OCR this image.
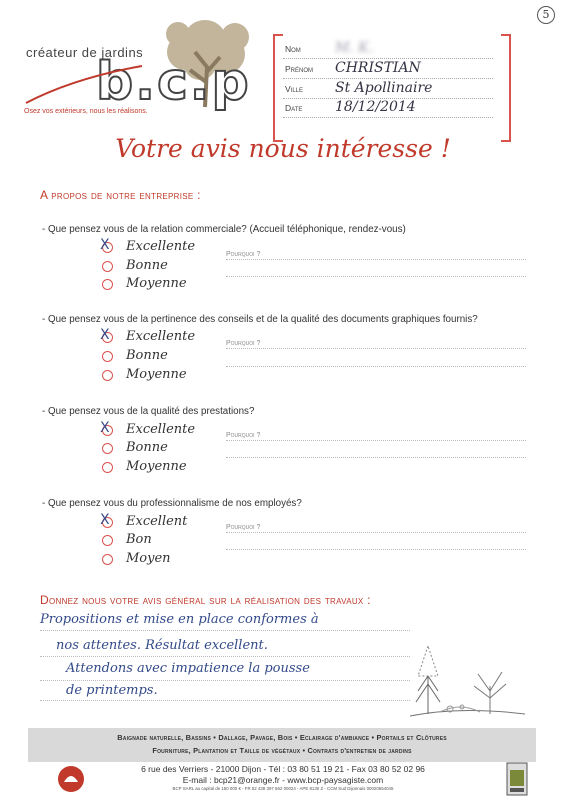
5
créateur de jardins
b.c.p
Osez vos extérieurs, nous les réalisons.
Nom M. K.
Prénom CHRISTIAN
Ville St Apollinaire
Date 18/12/2014
Votre avis nous intéresse !
A propos de notre entreprise :
- Que pensez vous de la relation commerciale? (Accueil téléphonique, rendez-vous)
X Excellente
Bonne
Moyenne
Pourquoi ?
- Que pensez vous de la pertinence des conseils et de la qualité des documents graphiques fournis?
X Excellente
Bonne
Moyenne
Pourquoi ?
- Que pensez vous de la qualité des prestations?
X Excellente
Bonne
Moyenne
Pourquoi ?
- Que pensez vous du professionnalisme de nos employés?
X Excellent
Bon
Moyen
Pourquoi ?
Donnez nous votre avis général sur la réalisation des travaux :
Propositions et mise en place conformes à
nos attentes. Résultat excellent.
Attendons avec impatience la pousse
de printemps.
Baignade naturelle, Bassins • Dallage, Pavage, Bois • Eclairage d'ambiance • Portails et Clôtures
Fourniture, Plantation et Taille de végétaux • Contrats d'entretien de jardins
6 rue des Verriers - 21000 Dijon - Tél : 03 80 51 19 21 - Fax 03 80 52 02 96
E-mail : bcp21@orange.fr - www.bcp-paysagiste.com
BCP SARL au capital de 150 000 € - FR 52 438 397 662 00024 - APE 8130 Z - CCM Sud Dijonnais 00020654045
